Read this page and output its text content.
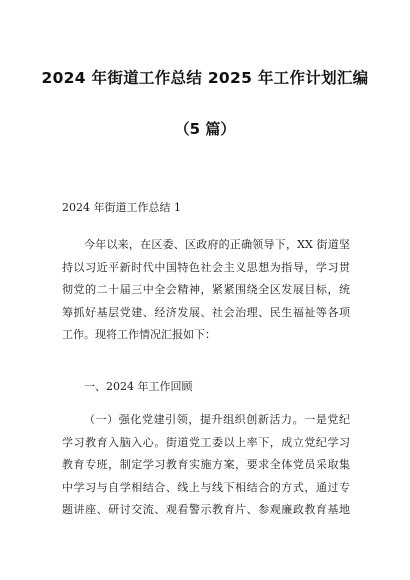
2024 年街道工作总结 2025 年工作计划汇编
（5 篇）
2024 年街道工作总结 1
今年以来，在区委、区政府的正确领导下，XX 街道坚
持以习近平新时代中国特色社会主义思想为指导，学习贯
彻党的二十届三中全会精神，紧紧围绕全区发展目标，统
筹抓好基层党建、经济发展、社会治理、民生福祉等各项
工作。现将工作情况汇报如下：
一、2024 年工作回顾
（一）强化党建引领，提升组织创新活力。一是党纪
学习教育入脑入心。街道党工委以上率下，成立党纪学习
教育专班，制定学习教育实施方案，要求全体党员采取集
中学习与自学相结合、线上与线下相结合的方式，通过专
题讲座、研讨交流、观看警示教育片、参观廉政教育基地
